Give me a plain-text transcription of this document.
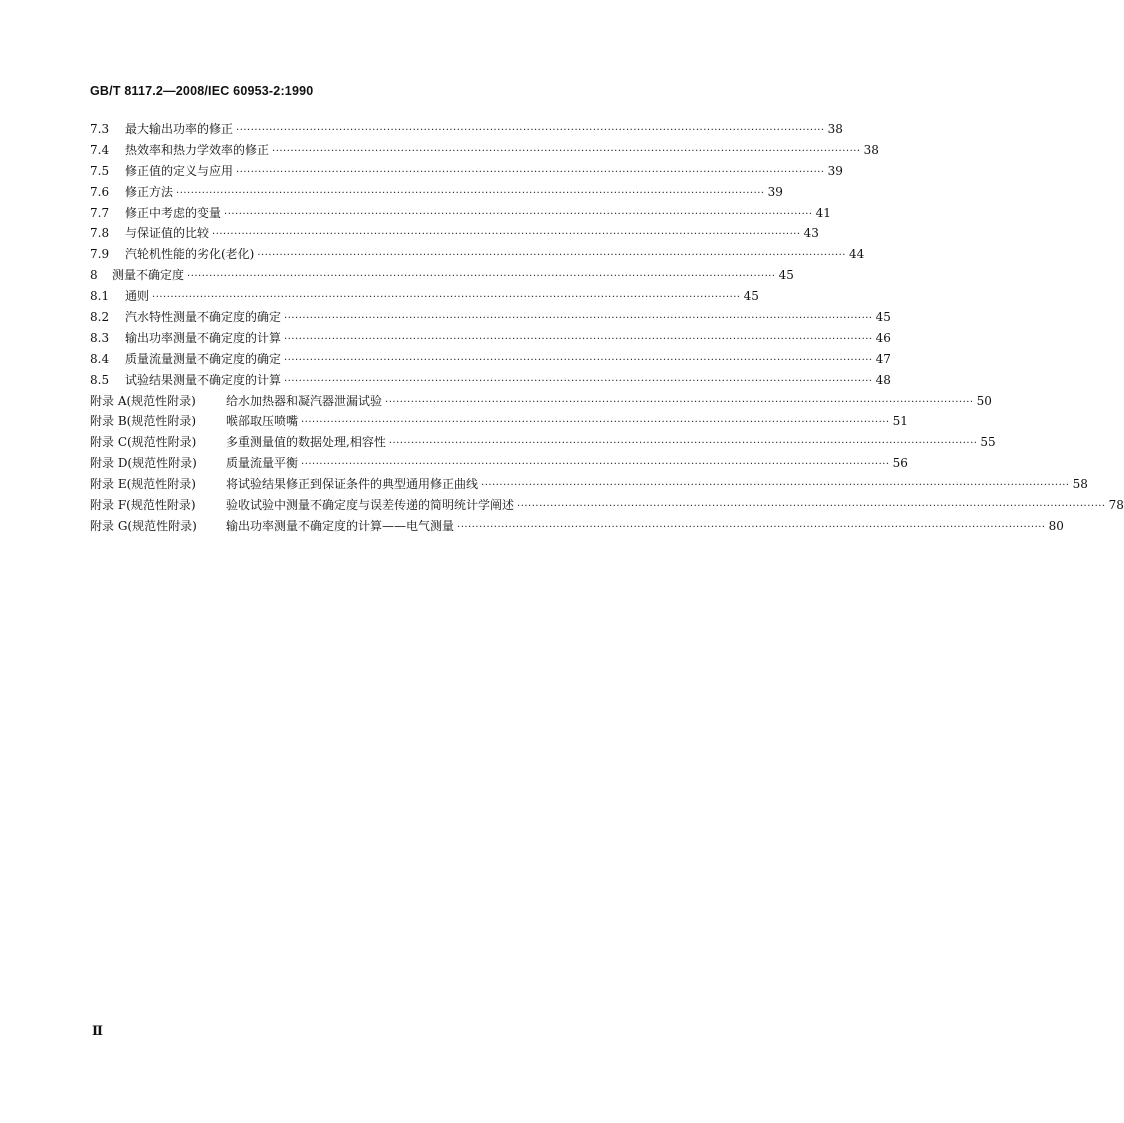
GB/T 8117.2—2008/IEC 60953-2:1990
7.3	最大输出功率的修正 ·····	38
7.4	热效率和热力学效率的修正 ·····	38
7.5	修正值的定义与应用 ·····	39
7.6	修正方法 ·····	39
7.7	修正中考虑的变量 ·····	41
7.8	与保证值的比较 ·····	43
7.9	汽轮机性能的劣化(老化) ·····	44
8	测量不确定度 ·····	45
8.1	通则 ·····	45
8.2	汽水特性测量不确定度的确定 ·····	45
8.3	输出功率测量不确定度的计算 ·····	46
8.4	质量流量测量不确定度的确定 ·····	47
8.5	试验结果测量不确定度的计算 ·····	48
附录 A(规范性附录)	给水加热器和凝汽器泄漏试验 ·····	50
附录 B(规范性附录)	喉部取压喷嘴 ·····	51
附录 C(规范性附录)	多重测量值的数据处理,相容性 ·····	55
附录 D(规范性附录)	质量流量平衡 ·····	56
附录 E(规范性附录)	将试验结果修正到保证条件的典型通用修正曲线 ·····	58
附录 F(规范性附录)	验收试验中测量不确定度与误差传递的简明统计学阐述 ·····	78
附录 G(规范性附录)	输出功率测量不确定度的计算——电气测量 ·····	80
Ⅱ
